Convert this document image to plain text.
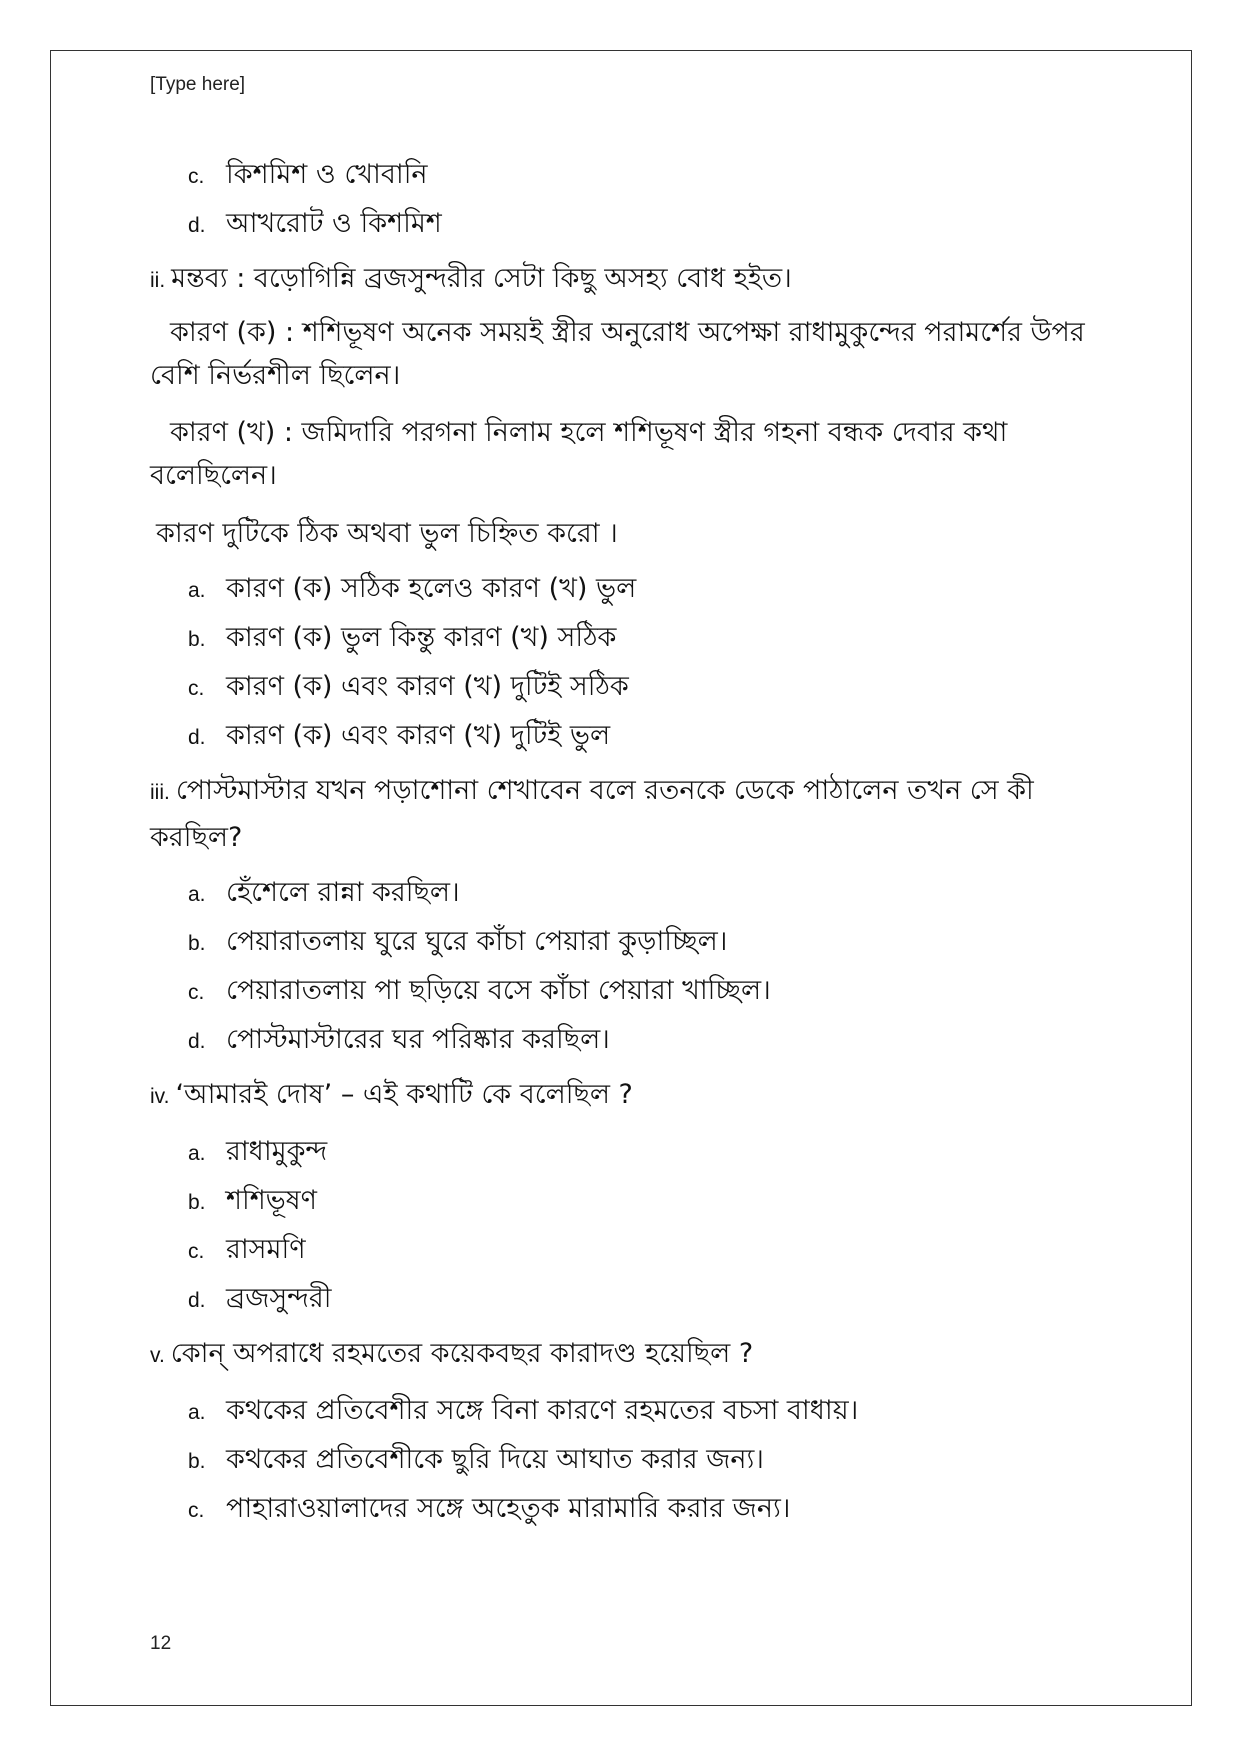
[Type here]
c. কিশমিশ ও খোবানি
d. আখরোট ও কিশমিশ
ii. মন্তব্য : বড়োগিন্নি ব্রজসুন্দরীর সেটা কিছু অসহ্য বোধ হইত।
কারণ (ক) : শশিভূষণ অনেক সময়ই স্ত্রীর অনুরোধ অপেক্ষা রাধামুকুন্দের পরামর্শের উপর বেশি নির্ভরশীল ছিলেন।
কারণ (খ) : জমিদারি পরগনা নিলাম হলে শশিভূষণ স্ত্রীর গহনা বন্ধক দেবার কথা বলেছিলেন।
কারণ দুটিকে ঠিক অথবা ভুল চিহ্নিত করো ।
a. কারণ (ক) সঠিক হলেও কারণ (খ) ভুল
b. কারণ (ক) ভুল কিন্তু কারণ (খ) সঠিক
c. কারণ (ক) এবং কারণ (খ) দুটিই সঠিক
d. কারণ (ক) এবং কারণ (খ) দুটিই ভুল
iii. পোস্টমাস্টার যখন পড়াশোনা শেখাবেন বলে রতনকে ডেকে পাঠালেন তখন সে কী করছিল?
a. হেঁশেলে রান্না করছিল।
b. পেয়ারাতলায় ঘুরে ঘুরে কাঁচা পেয়ারা কুড়াচ্ছিল।
c. পেয়ারাতলায় পা ছড়িয়ে বসে কাঁচা পেয়ারা খাচ্ছিল।
d. পোস্টমাস্টারের ঘর পরিষ্কার করছিল।
iv. ‘আমারই দোষ’ – এই কথাটি কে বলেছিল ?
a. রাধামুকুন্দ
b. শশিভূষণ
c. রাসমণি
d. ব্রজসুন্দরী
v. কোন্ অপরাধে রহমতের কয়েকবছর কারাদণ্ড হয়েছিল ?
a. কথকের প্রতিবেশীর সঙ্গে বিনা কারণে রহমতের বচসা বাধায়।
b. কথকের প্রতিবেশীকে ছুরি দিয়ে আঘাত করার জন্য।
c. পাহারাওয়ালাদের সঙ্গে অহেতুক মারামারি করার জন্য।
12
